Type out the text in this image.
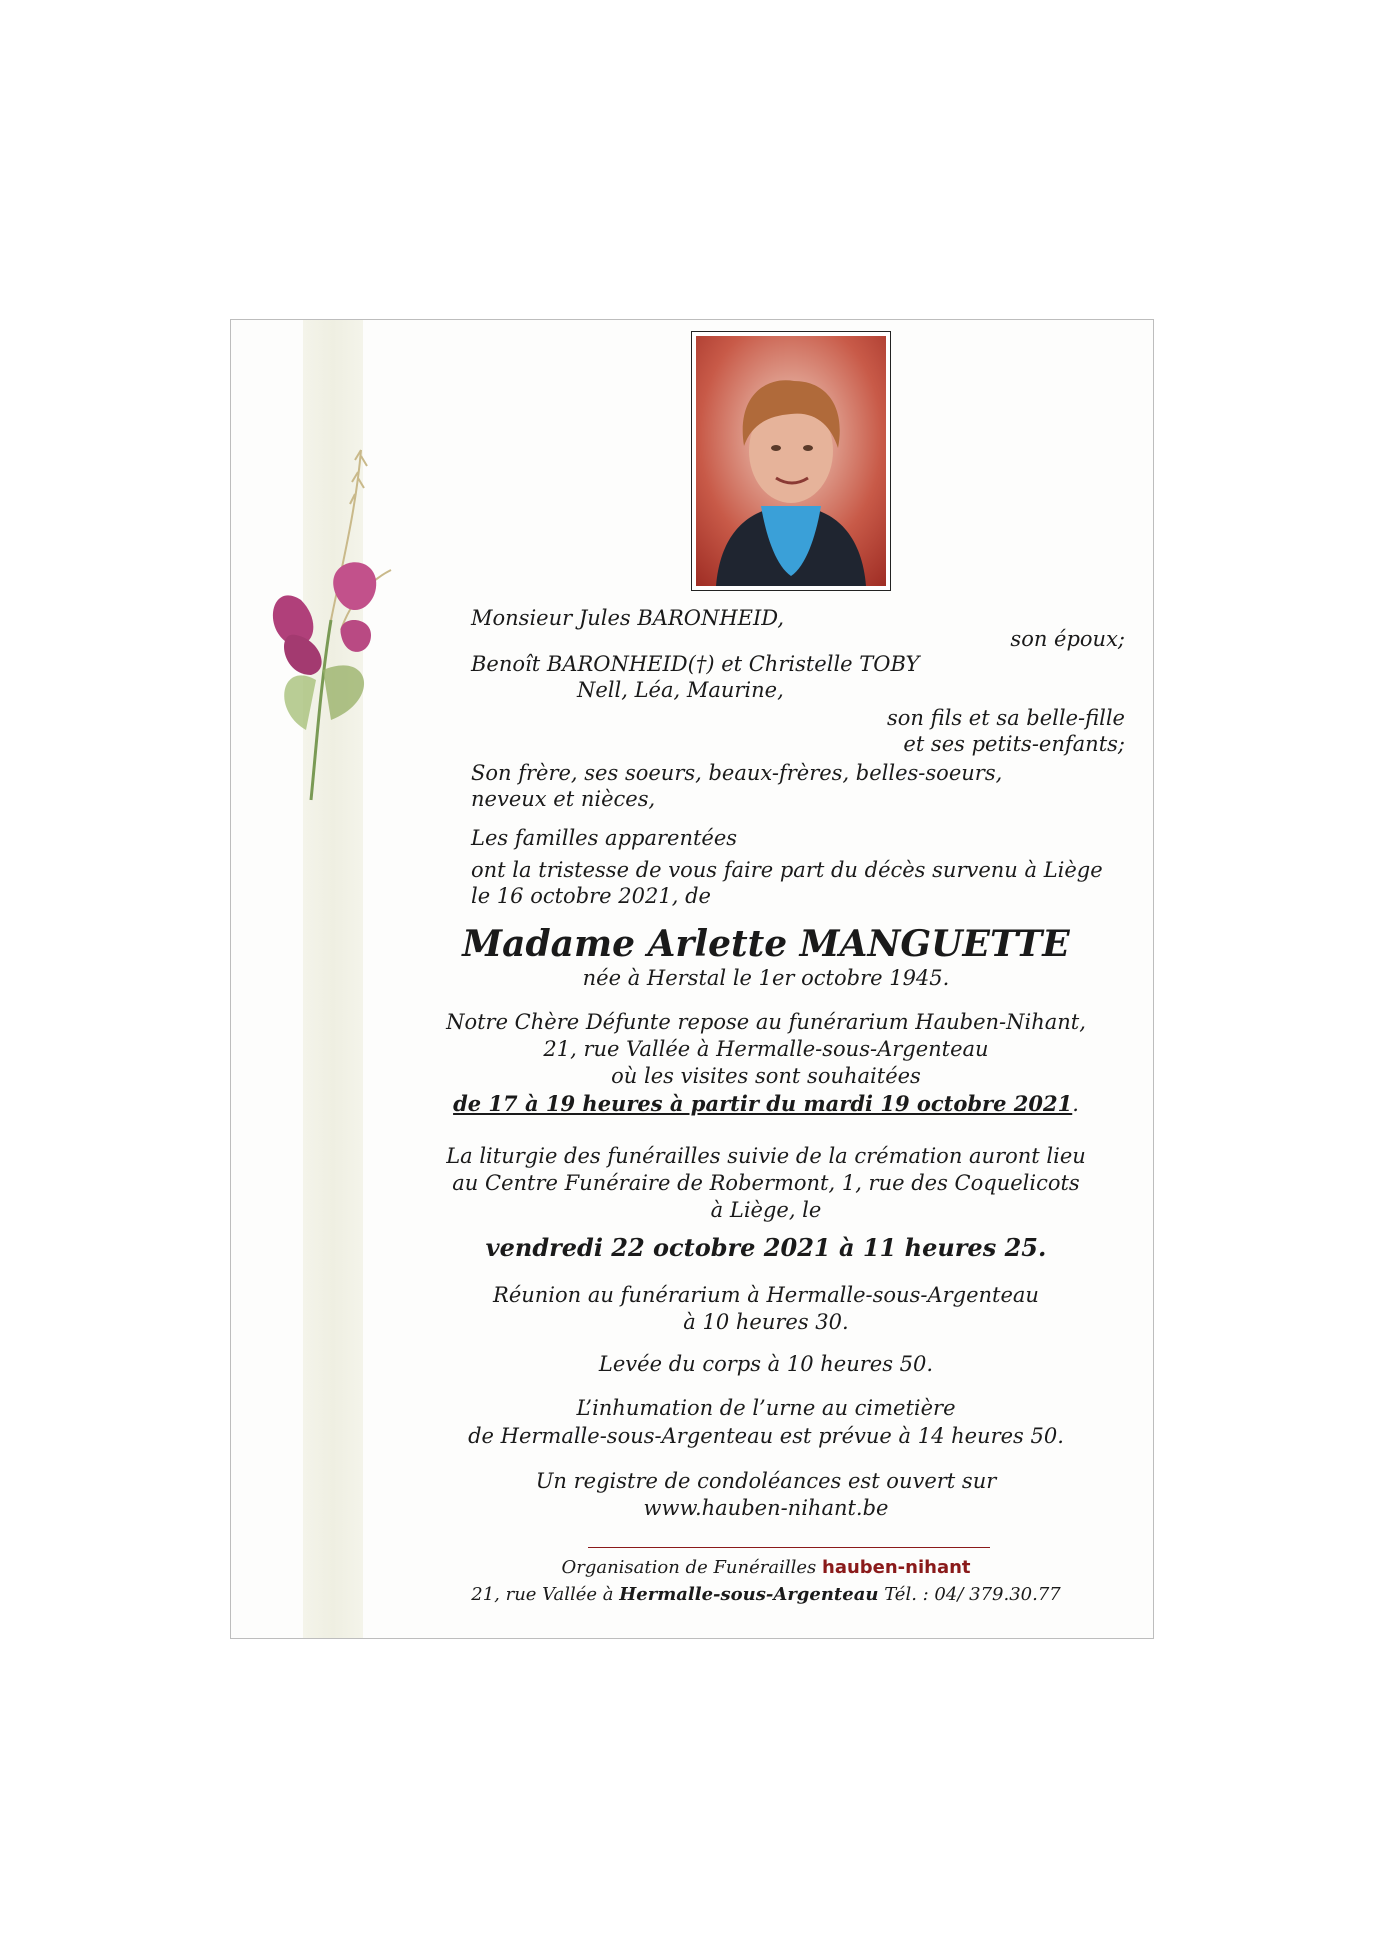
Monsieur Jules BARONHEID,
son époux;
Benoît BARONHEID(†) et Christelle TOBY
Nell, Léa, Maurine,
son fils et sa belle-fille
et ses petits-enfants;
Son frère, ses soeurs, beaux-frères, belles-soeurs,
neveux et nièces,
Les familles apparentées
ont la tristesse de vous faire part du décès survenu à Liège
le 16 octobre 2021, de
Madame Arlette MANGUETTE
née à Herstal le 1er octobre 1945.
Notre Chère Défunte repose au funérarium Hauben-Nihant,
21, rue Vallée à Hermalle-sous-Argenteau
où les visites sont souhaitées
de 17 à 19 heures à partir du mardi 19 octobre 2021.
La liturgie des funérailles suivie de la crémation auront lieu
au Centre Funéraire de Robermont, 1, rue des Coquelicots
à Liège, le
vendredi 22 octobre 2021 à 11 heures 25.
Réunion au funérarium à Hermalle-sous-Argenteau
à 10 heures 30.
Levée du corps à 10 heures 50.
L’inhumation de l’urne au cimetière
de Hermalle-sous-Argenteau est prévue à 14 heures 50.
Un registre de condoléances est ouvert sur
www.hauben-nihant.be
Organisation de Funérailles hauben-nihant
21, rue Vallée à Hermalle-sous-Argenteau Tél. : 04/ 379.30.77
